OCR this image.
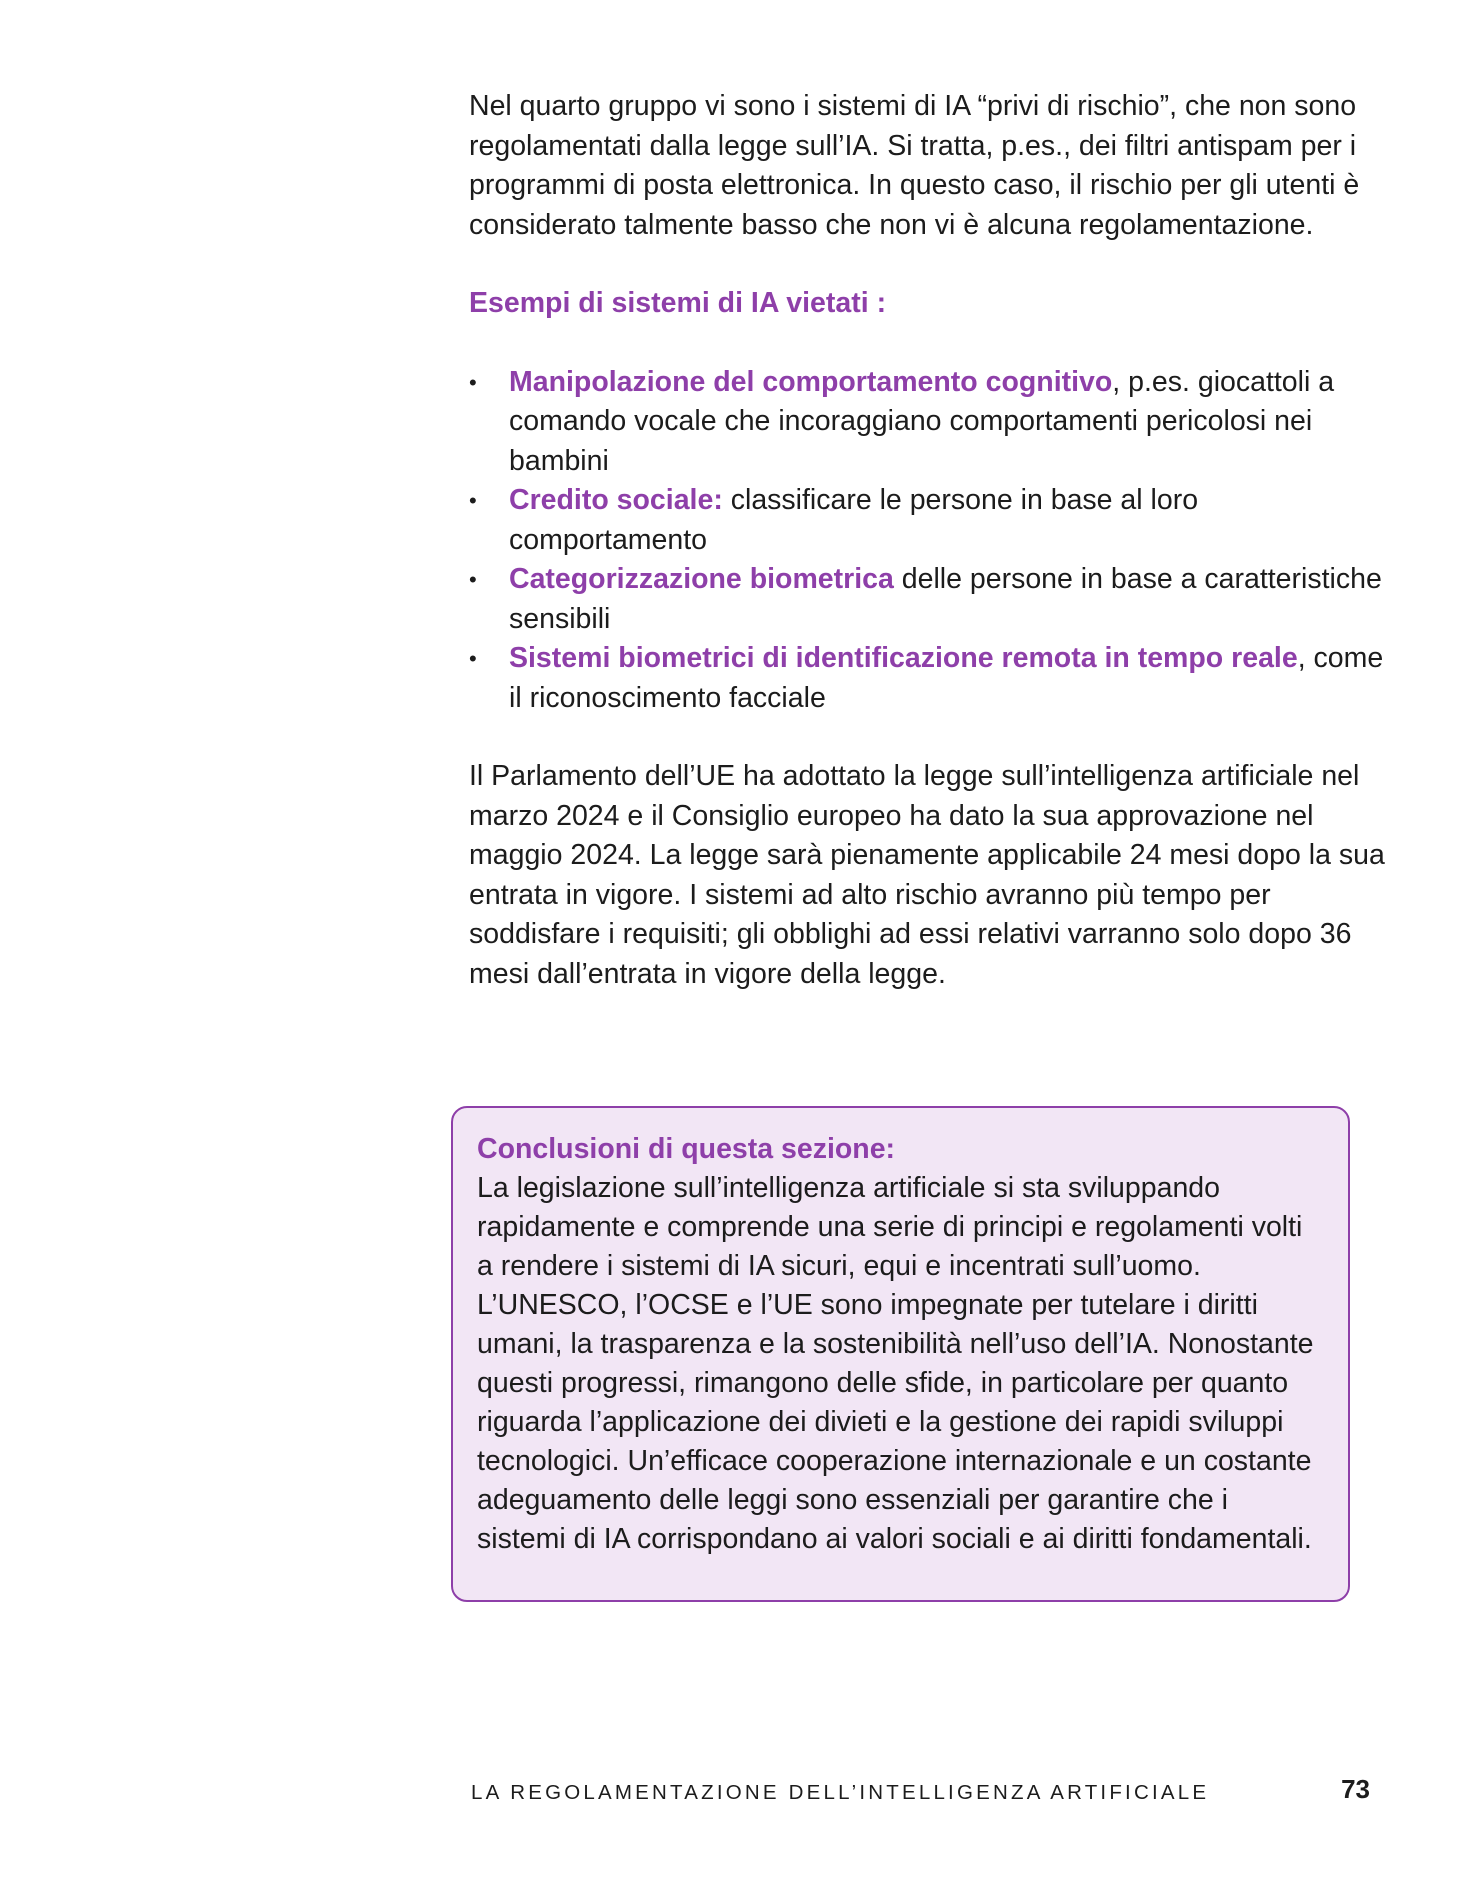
Nel quarto gruppo vi sono i sistemi di IA “privi di rischio”, che non sono regolamentati dalla legge sull’IA. Si tratta, p.es., dei filtri antispam per i programmi di posta elettronica. In questo caso, il rischio per gli utenti è considerato talmente basso che non vi è alcuna regolamentazione.

Esempi di sistemi di IA vietati :

• Manipolazione del comportamento cognitivo, p.es. giocattoli a comando vocale che incoraggiano comportamenti pericolosi nei bambini
• Credito sociale: classificare le persone in base al loro comportamento
• Categorizzazione biometrica delle persone in base a caratteristiche sensibili
• Sistemi biometrici di identificazione remota in tempo reale, come il riconoscimento facciale

Il Parlamento dell’UE ha adottato la legge sull’intelligenza artificiale nel marzo 2024 e il Consiglio europeo ha dato la sua approvazione nel maggio 2024. La legge sarà pienamente applicabile 24 mesi dopo la sua entrata in vigore. I sistemi ad alto rischio avranno più tempo per soddisfare i requisiti; gli obblighi ad essi relativi varranno solo dopo 36 mesi dall’entrata in vigore della legge.

Conclusioni di questa sezione:

La legislazione sull’intelligenza artificiale si sta sviluppando rapidamente e comprende una serie di principi e regolamenti volti a rendere i sistemi di IA sicuri, equi e incentrati sull’uomo. L’UNESCO, l’OCSE e l’UE sono impegnate per tutelare i diritti umani, la trasparenza e la sostenibilità nell’uso dell’IA. Nonostante questi progressi, rimangono delle sfide, in particolare per quanto riguarda l’applicazione dei divieti e la gestione dei rapidi sviluppi tecnologici. Un’efficace cooperazione internazionale e un costante adeguamento delle leggi sono essenziali per garantire che i sistemi di IA corrispondano ai valori sociali e ai diritti fondamentali.

LA REGOLAMENTAZIONE DELL’INTELLIGENZA ARTIFICIALE	73
